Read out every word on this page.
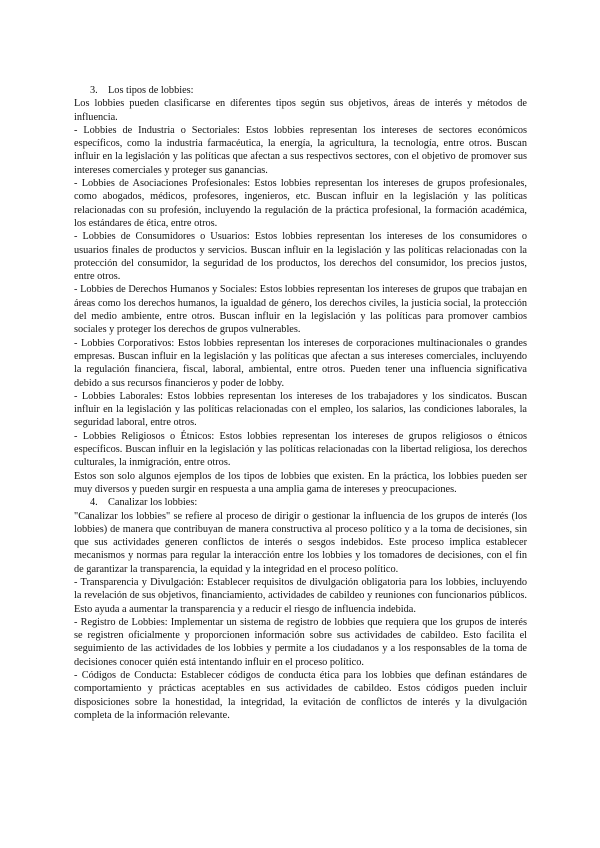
3. Los tipos de lobbies:

Los lobbies pueden clasificarse en diferentes tipos según sus objetivos, áreas de interés y métodos de influencia.

- Lobbies de Industria o Sectoriales: Estos lobbies representan los intereses de sectores económicos específicos, como la industria farmacéutica, la energía, la agricultura, la tecnología, entre otros. Buscan influir en la legislación y las políticas que afectan a sus respectivos sectores, con el objetivo de promover sus intereses comerciales y proteger sus ganancias.

- Lobbies de Asociaciones Profesionales: Estos lobbies representan los intereses de grupos profesionales, como abogados, médicos, profesores, ingenieros, etc. Buscan influir en la legislación y las políticas relacionadas con su profesión, incluyendo la regulación de la práctica profesional, la formación académica, los estándares de ética, entre otros.

- Lobbies de Consumidores o Usuarios: Estos lobbies representan los intereses de los consumidores o usuarios finales de productos y servicios. Buscan influir en la legislación y las políticas relacionadas con la protección del consumidor, la seguridad de los productos, los derechos del consumidor, los precios justos, entre otros.

- Lobbies de Derechos Humanos y Sociales: Estos lobbies representan los intereses de grupos que trabajan en áreas como los derechos humanos, la igualdad de género, los derechos civiles, la justicia social, la protección del medio ambiente, entre otros. Buscan influir en la legislación y las políticas para promover cambios sociales y proteger los derechos de grupos vulnerables.

- Lobbies Corporativos: Estos lobbies representan los intereses de corporaciones multinacionales o grandes empresas. Buscan influir en la legislación y las políticas que afectan a sus intereses comerciales, incluyendo la regulación financiera, fiscal, laboral, ambiental, entre otros. Pueden tener una influencia significativa debido a sus recursos financieros y poder de lobby.

- Lobbies Laborales: Estos lobbies representan los intereses de los trabajadores y los sindicatos. Buscan influir en la legislación y las políticas relacionadas con el empleo, los salarios, las condiciones laborales, la seguridad laboral, entre otros.

- Lobbies Religiosos o Étnicos: Estos lobbies representan los intereses de grupos religiosos o étnicos específicos. Buscan influir en la legislación y las políticas relacionadas con la libertad religiosa, los derechos culturales, la inmigración, entre otros.

Estos son solo algunos ejemplos de los tipos de lobbies que existen. En la práctica, los lobbies pueden ser muy diversos y pueden surgir en respuesta a una amplia gama de intereses y preocupaciones.

4. Canalizar los lobbies:

"Canalizar los lobbies" se refiere al proceso de dirigir o gestionar la influencia de los grupos de interés (los lobbies) de manera que contribuyan de manera constructiva al proceso político y a la toma de decisiones, sin que sus actividades generen conflictos de interés o sesgos indebidos. Este proceso implica establecer mecanismos y normas para regular la interacción entre los lobbies y los tomadores de decisiones, con el fin de garantizar la transparencia, la equidad y la integridad en el proceso político.

- Transparencia y Divulgación: Establecer requisitos de divulgación obligatoria para los lobbies, incluyendo la revelación de sus objetivos, financiamiento, actividades de cabildeo y reuniones con funcionarios públicos. Esto ayuda a aumentar la transparencia y a reducir el riesgo de influencia indebida.

- Registro de Lobbies: Implementar un sistema de registro de lobbies que requiera que los grupos de interés se registren oficialmente y proporcionen información sobre sus actividades de cabildeo. Esto facilita el seguimiento de las actividades de los lobbies y permite a los ciudadanos y a los responsables de la toma de decisiones conocer quién está intentando influir en el proceso político.

- Códigos de Conducta: Establecer códigos de conducta ética para los lobbies que definan estándares de comportamiento y prácticas aceptables en sus actividades de cabildeo. Estos códigos pueden incluir disposiciones sobre la honestidad, la integridad, la evitación de conflictos de interés y la divulgación completa de la información relevante.
